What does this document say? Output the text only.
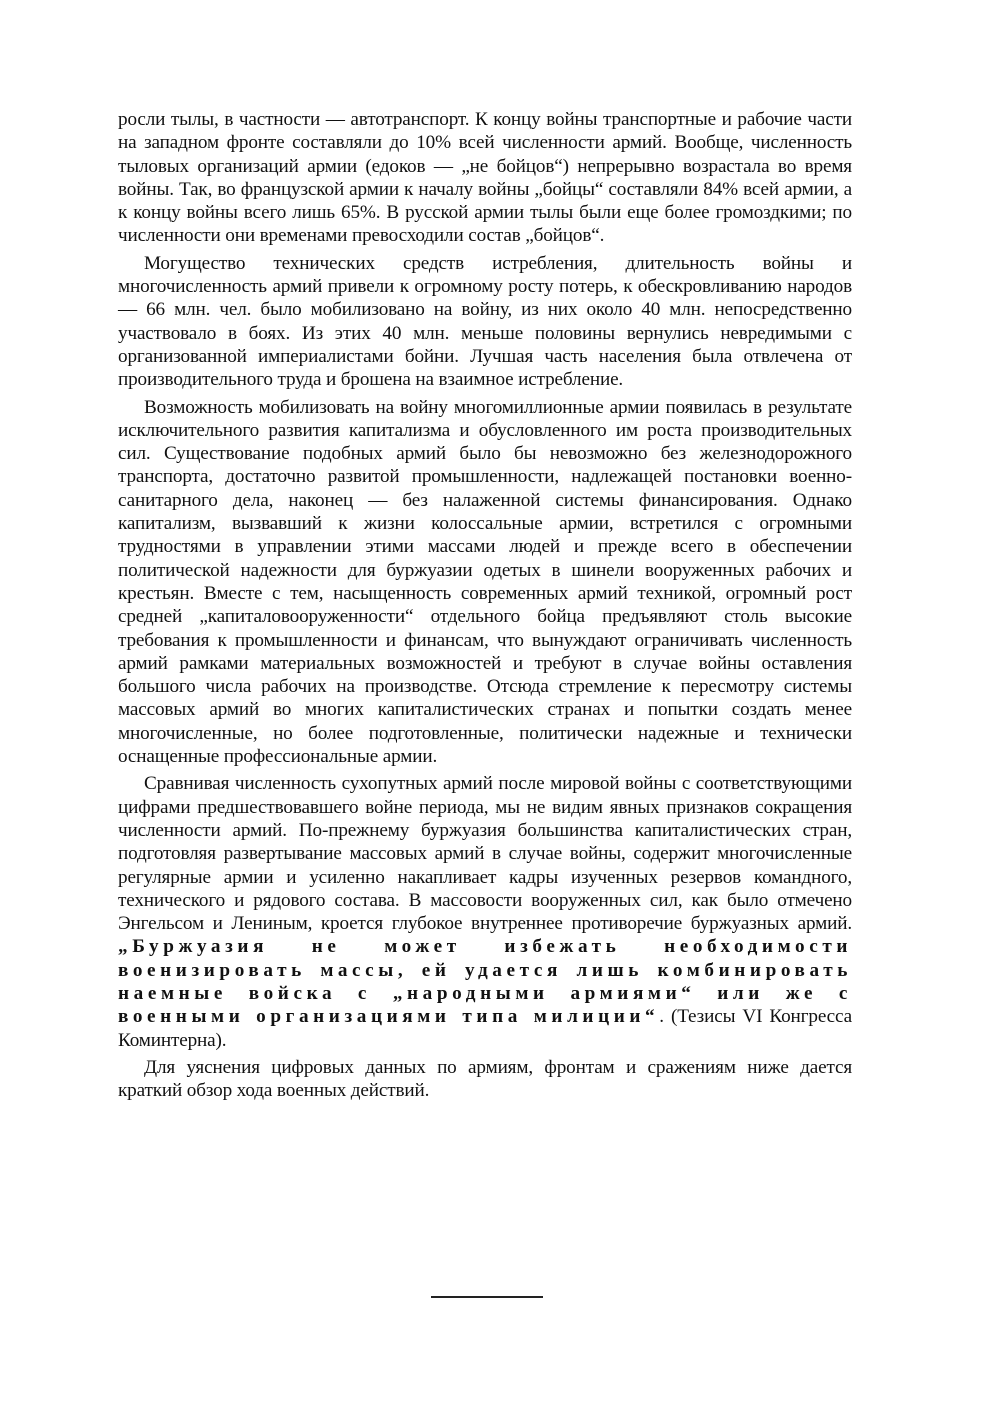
росли тылы, в частности — автотранспорт. К концу войны транспортные и рабочие части на западном фронте составляли до 10% всей численности армий. Вообще, численность тыловых организаций армии (едоков — „не бойцов“) непрерывно возрастала во время войны. Так, во французской армии к началу войны „бойцы“ составляли 84% всей армии, а к концу войны всего лишь 65%. В русской армии тылы были еще более громоздкими; по численности они временами превосходили состав „бойцов“.

Могущество технических средств истребления, длительность войны и многочисленность армий привели к огромному росту потерь, к обескровливанию народов — 66 млн. чел. было мобилизовано на войну, из них около 40 млн. непосредственно участвовало в боях. Из этих 40 млн. меньше половины вернулись невредимыми с организованной империалистами бойни. Лучшая часть населения была отвлечена от производительного труда и брошена на взаимное истребление.

Возможность мобилизовать на войну многомиллионные армии появилась в результате исключительного развития капитализма и обусловленного им роста производительных сил. Существование подобных армий было бы невозможно без железнодорожного транспорта, достаточно развитой промышленности, надлежащей постановки военно-санитарного дела, наконец — без налаженной системы финансирования. Однако капитализм, вызвавший к жизни колоссальные армии, встретился с огромными трудностями в управлении этими массами людей и прежде всего в обеспечении политической надежности для буржуазии одетых в шинели вооруженных рабочих и крестьян. Вместе с тем, насыщенность современных армий техникой, огромный рост средней „капиталовооруженности“ отдельного бойца предъявляют столь высокие требования к промышленности и финансам, что вынуждают ограничивать численность армий рамками материальных возможностей и требуют в случае войны оставления большого числа рабочих на производстве. Отсюда стремление к пересмотру системы массовых армий во многих капиталистических странах и попытки создать менее многочисленные, но более подготовленные, политически надежные и технически оснащенные профессиональные армии.

Сравнивая численность сухопутных армий после мировой войны с соответствующими цифрами предшествовавшего войне периода, мы не видим явных признаков сокращения численности армий. По-прежнему буржуазия большинства капиталистических стран, подготовляя развертывание массовых армий в случае войны, содержит многочисленные регулярные армии и усиленно накапливает кадры изученных резервов командного, технического и рядового состава. В массовости вооруженных сил, как было отмечено Энгельсом и Лениным, кроется глубокое внутреннее противоречие буржуазных армий. „Буржуазия не может избежать необходимости военизировать массы, ей удается лишь комбинировать наемные войска с „народными армиями“ или же с военными организациями типа милиции“. (Тезисы VI Конгресса Коминтерна).

Для уяснения цифровых данных по армиям, фронтам и сражениям ниже дается краткий обзор хода военных действий.
